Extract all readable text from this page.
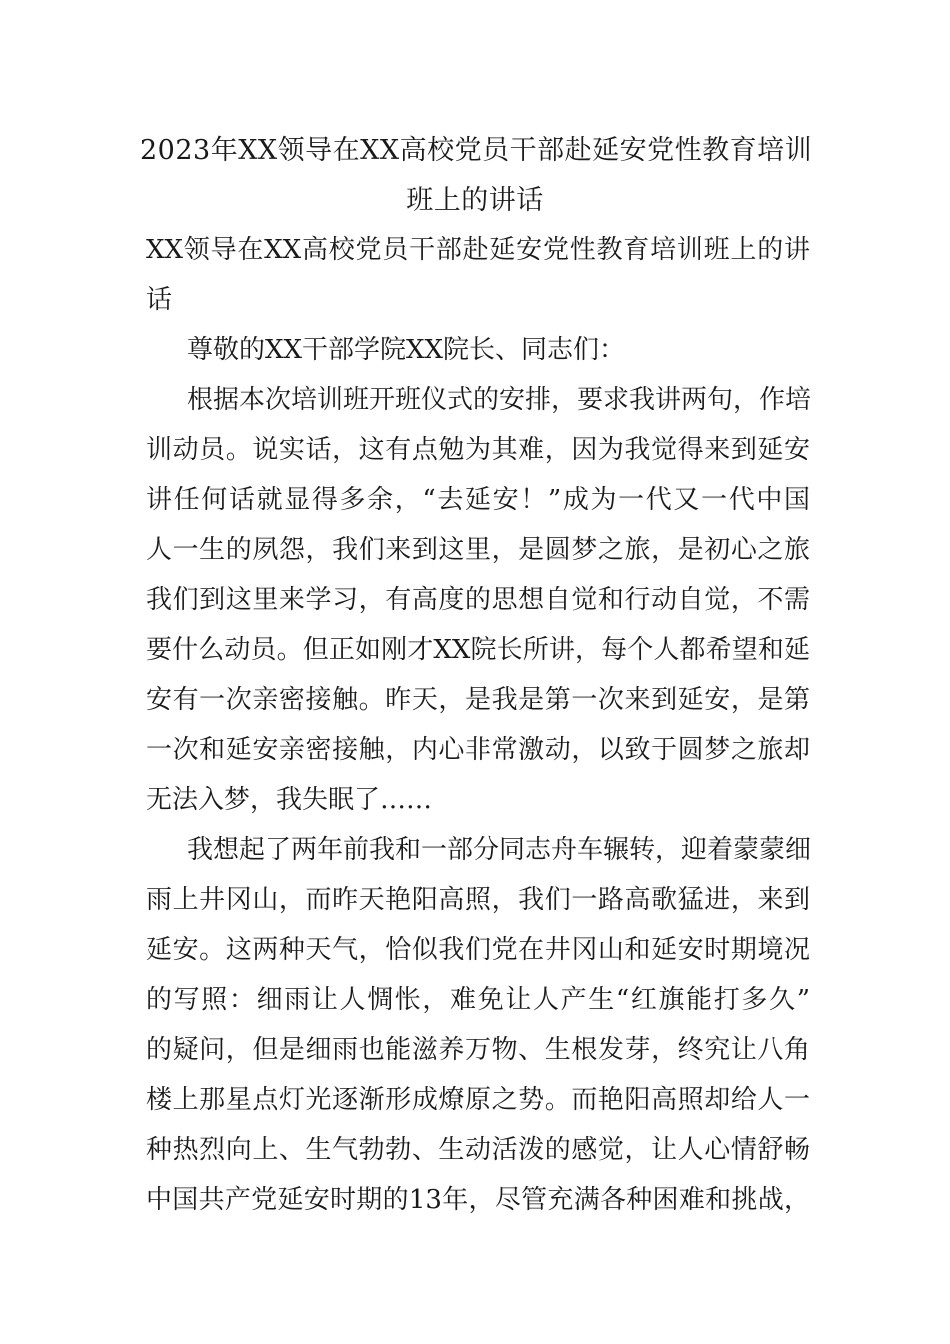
2023年XX领导在XX高校党员干部赴延安党性教育培训
班上的讲话
XX领导在XX高校党员干部赴延安党性教育培训班上的讲
话
尊敬的XX干部学院XX院长、同志们：
根据本次培训班开班仪式的安排，要求我讲两句，作培
训动员。说实话，这有点勉为其难，因为我觉得来到延安
讲任何话就显得多余，“去延安！”成为一代又一代中国
人一生的夙怨，我们来到这里，是圆梦之旅，是初心之旅
我们到这里来学习，有高度的思想自觉和行动自觉，不需
要什么动员。但正如刚才XX院长所讲，每个人都希望和延
安有一次亲密接触。昨天，是我是第一次来到延安，是第
一次和延安亲密接触，内心非常激动，以致于圆梦之旅却
无法入梦，我失眠了……
我想起了两年前我和一部分同志舟车辗转，迎着蒙蒙细
雨上井冈山，而昨天艳阳高照，我们一路高歌猛进，来到
延安。这两种天气，恰似我们党在井冈山和延安时期境况
的写照：细雨让人惆怅，难免让人产生“红旗能打多久”
的疑问，但是细雨也能滋养万物、生根发芽，终究让八角
楼上那星点灯光逐渐形成燎原之势。而艳阳高照却给人一
种热烈向上、生气勃勃、生动活泼的感觉，让人心情舒畅
中国共产党延安时期的13年，尽管充满各种困难和挑战，
